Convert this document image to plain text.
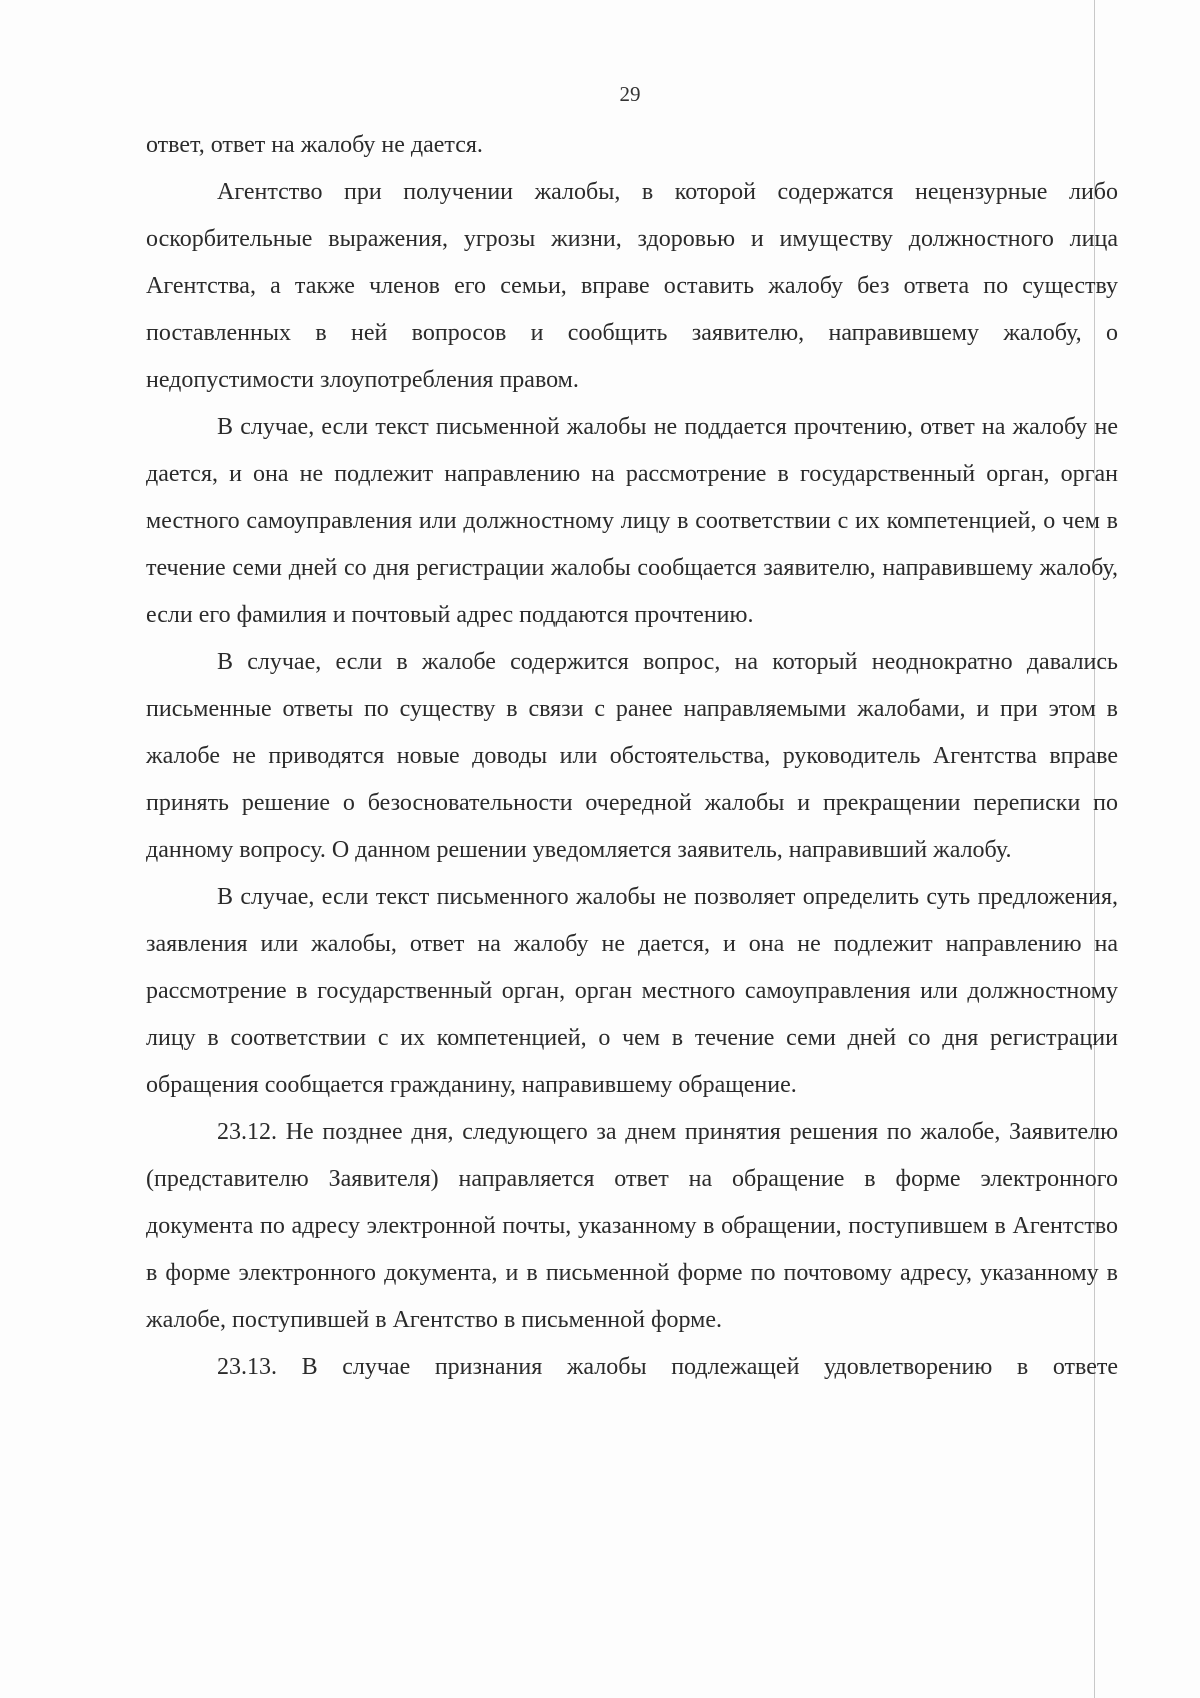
29

ответ, ответ на жалобу не дается.

Агентство при получении жалобы, в которой содержатся нецензурные либо оскорбительные выражения, угрозы жизни, здоровью и имуществу должностного лица Агентства, а также членов его семьи, вправе оставить жалобу без ответа по существу поставленных в ней вопросов и сообщить заявителю, направившему жалобу, о недопустимости злоупотребления правом.

В случае, если текст письменной жалобы не поддается прочтению, ответ на жалобу не дается, и она не подлежит направлению на рассмотрение в государственный орган, орган местного самоуправления или должностному лицу в соответствии с их компетенцией, о чем в течение семи дней со дня регистрации жалобы сообщается заявителю, направившему жалобу, если его фамилия и почтовый адрес поддаются прочтению.

В случае, если в жалобе содержится вопрос, на который неоднократно давались письменные ответы по существу в связи с ранее направляемыми жалобами, и при этом в жалобе не приводятся новые доводы или обстоятельства, руководитель Агентства вправе принять решение о безосновательности очередной жалобы и прекращении переписки по данному вопросу. О данном решении уведомляется заявитель, направивший жалобу.

В случае, если текст письменного жалобы не позволяет определить суть предложения, заявления или жалобы, ответ на жалобу не дается, и она не подлежит направлению на рассмотрение в государственный орган, орган местного самоуправления или должностному лицу в соответствии с их компетенцией, о чем в течение семи дней со дня регистрации обращения сообщается гражданину, направившему обращение.

23.12. Не позднее дня, следующего за днем принятия решения по жалобе, Заявителю (представителю Заявителя) направляется ответ на обращение в форме электронного документа по адресу электронной почты, указанному в обращении, поступившем в Агентство в форме электронного документа, и в письменной форме по почтовому адресу, указанному в жалобе, поступившей в Агентство в письменной форме.

23.13. В случае признания жалобы подлежащей удовлетворению в ответе
